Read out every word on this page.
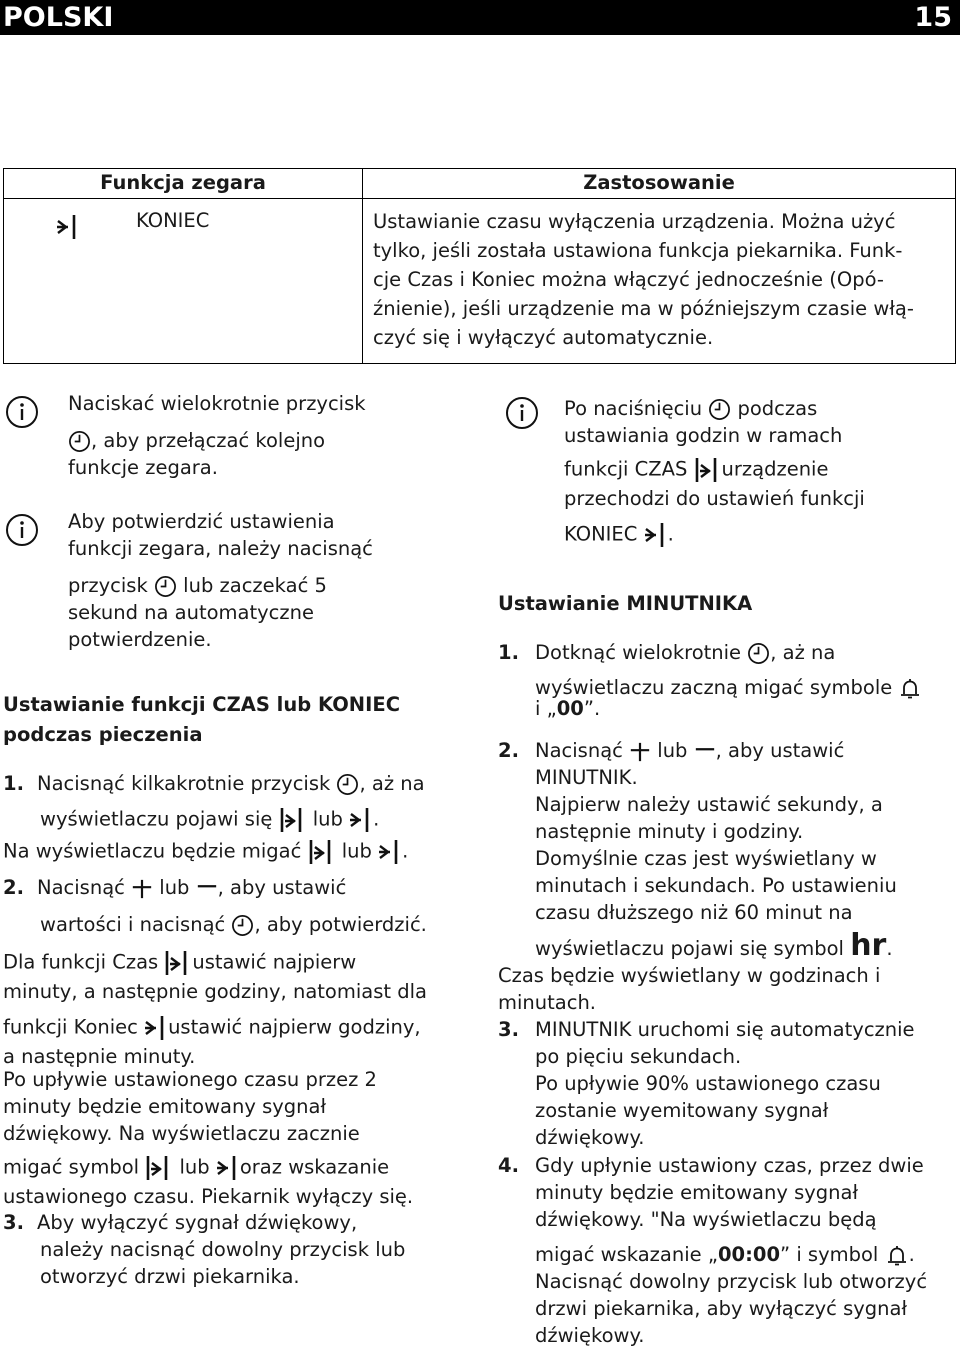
POLSKI	15
Funkcja zegara		Zastosowanie
	KONIEC	Ustawianie czasu wyłączenia urządzenia. Można użyć
tylko, jeśli została ustawiona funkcja piekarnika. Funk-
cje Czas i Koniec można włączyć jednocześnie (Opó-
źnienie), jeśli urządzenie ma w późniejszym czasie włą-
czyć się i wyłączyć automatycznie.
Naciskać wielokrotnie przycisk
, aby przełączać kolejno
funkcje zegara.
Aby potwierdzić ustawienia
funkcji zegara, należy nacisnąć
przycisk lub zaczekać 5
sekund na automatyczne
potwierdzenie.
Ustawianie funkcji CZAS lub KONIEC
podczas pieczenia
1. Nacisnąć kilkakrotnie przycisk , aż na
wyświetlaczu pojawi się lub .
Na wyświetlaczu będzie migać lub .
2. Nacisnąć lub , aby ustawić
wartości i nacisnąć , aby potwierdzić.
Dla funkcji Czas ustawić najpierw
minuty, a następnie godziny, natomiast dla
funkcji Koniec ustawić najpierw godziny,
a następnie minuty.
Po upływie ustawionego czasu przez 2
minuty będzie emitowany sygnał
dźwiękowy. Na wyświetlaczu zacznie
migać symbol lub oraz wskazanie
ustawionego czasu. Piekarnik wyłączy się.
3. Aby wyłączyć sygnał dźwiękowy,
należy nacisnąć dowolny przycisk lub
otworzyć drzwi piekarnika.
Po naciśnięciu podczas
ustawiania godzin w ramach
funkcji CZAS urządzenie
przechodzi do ustawień funkcji
KONIEC .
Ustawianie MINUTNIKA
1. Dotknąć wielokrotnie , aż na
wyświetlaczu zaczną migać symbole
i „00”.
2. Nacisnąć lub , aby ustawić
MINUTNIK.
Najpierw należy ustawić sekundy, a
następnie minuty i godziny.
Domyślnie czas jest wyświetlany w
minutach i sekundach. Po ustawieniu
czasu dłuższego niż 60 minut na
wyświetlaczu pojawi się symbol hr.
Czas będzie wyświetlany w godzinach i
minutach.
3. MINUTNIK uruchomi się automatycznie
po pięciu sekundach.
Po upływie 90% ustawionego czasu
zostanie wyemitowany sygnał
dźwiękowy.
4. Gdy upłynie ustawiony czas, przez dwie
minuty będzie emitowany sygnał
dźwiękowy. "Na wyświetlaczu będą
migać wskazanie „00:00” i symbol .
Nacisnąć dowolny przycisk lub otworzyć
drzwi piekarnika, aby wyłączyć sygnał
dźwiękowy.
